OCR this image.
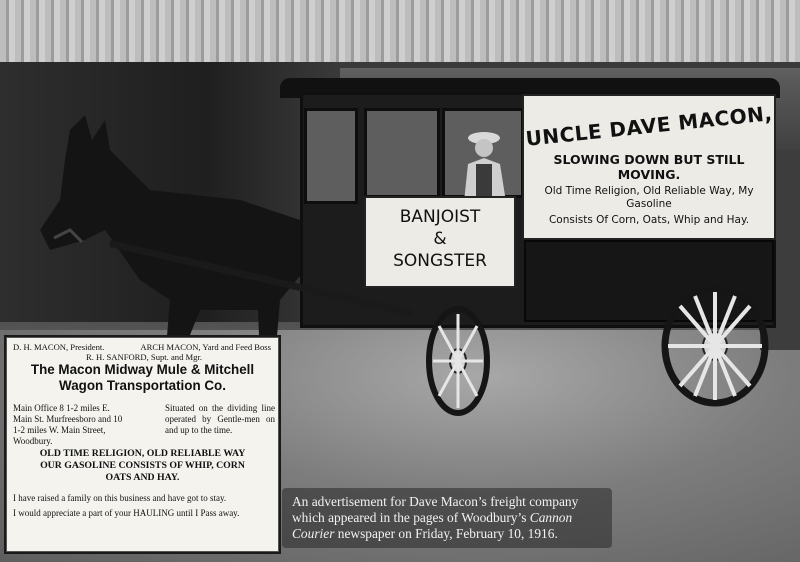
UNCLE DAVE MACON,
SLOWING DOWN BUT STILL MOVING.
Old Time Religion, Old Reliable Way, My Gasoline
Consists Of Corn, Oats, Whip and Hay.
BANJOIST
&
SONGSTER
D. H. MACON, President.	ARCH MACON, Yard and Feed Boss
R. H. SANFORD, Supt. and Mgr.
The Macon Midway Mule & Mitchell
Wagon Transportation Co.
Main Office 8 1-2 miles E. Main St. Murfreesboro and 10 1-2 miles W. Main Street, Woodbury.
Situated on the dividing line operated by Gentle-men on and up to the time.
OLD TIME RELIGION, OLD RELIABLE WAY
OUR GASOLINE CONSISTS OF WHIP, CORN
OATS AND HAY.
I have raised a family on this business and have got to stay.
I would appreciate a part of your HAULING until I Pass away.
An advertisement for Dave Macon’s freight company which appeared in the pages of Woodbury’s Cannon Courier newspaper on Friday, February 10, 1916.
